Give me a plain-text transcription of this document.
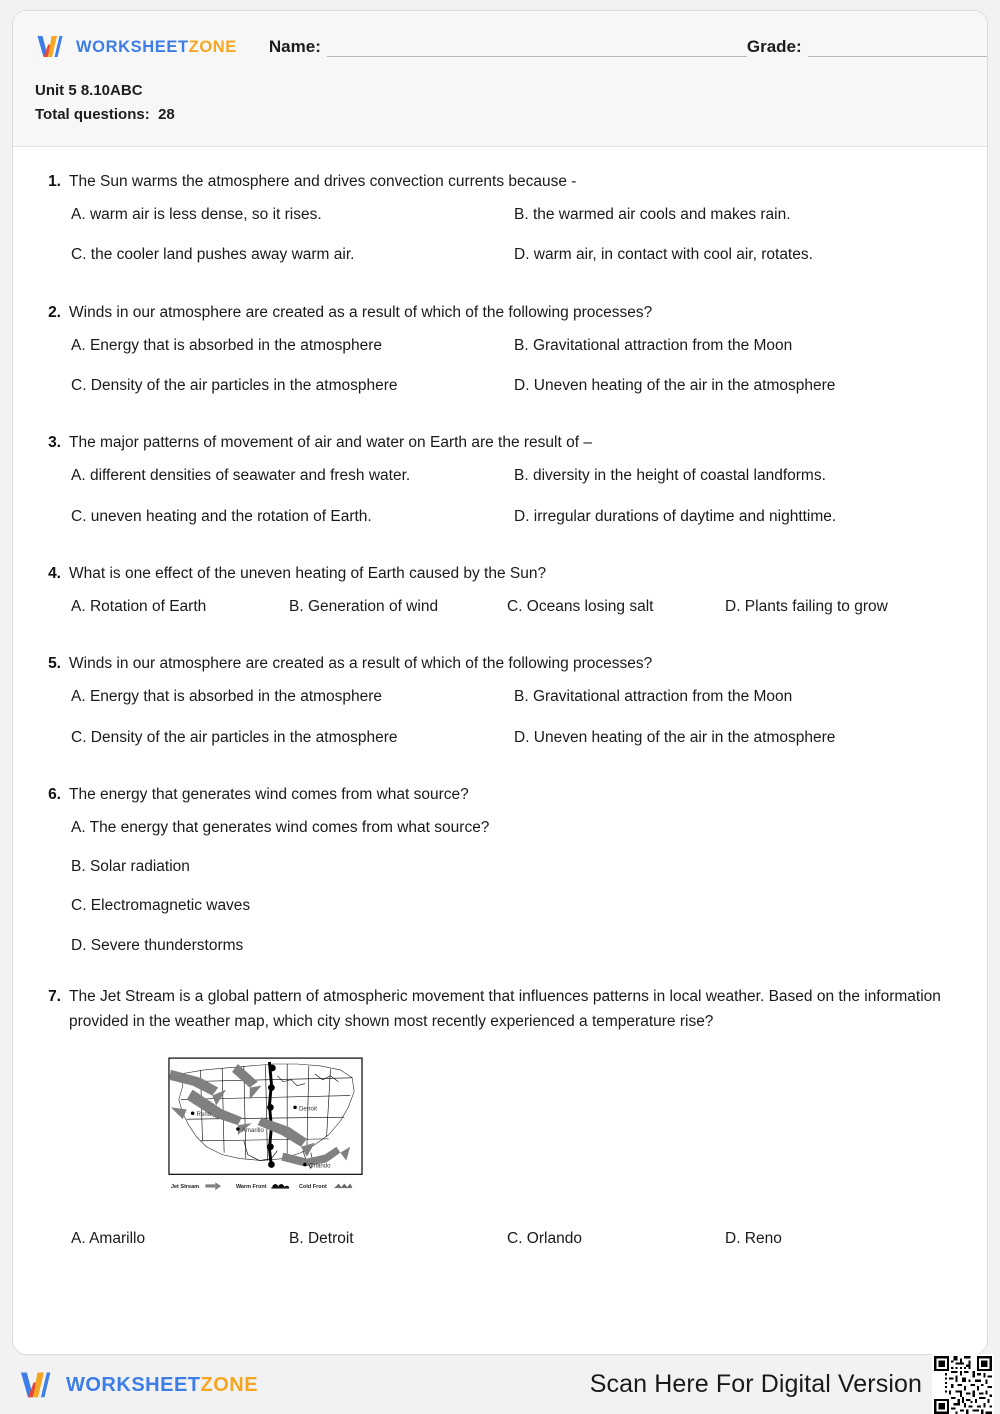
WORKSHEETZONE Name:	Grade:
Unit 5 8.10ABC
Total questions: 28
1. The Sun warms the atmosphere and drives convection currents because -
A. warm air is less dense, so it rises.	B. the warmed air cools and makes rain.
C. the cooler land pushes away warm air.	D. warm air, in contact with cool air, rotates.
2. Winds in our atmosphere are created as a result of which of the following processes?
A. Energy that is absorbed in the atmosphere	B. Gravitational attraction from the Moon
C. Density of the air particles in the atmosphere	D. Uneven heating of the air in the atmosphere
3. The major patterns of movement of air and water on Earth are the result of –
A. different densities of seawater and fresh water.	B. diversity in the height of coastal landforms.
C. uneven heating and the rotation of Earth.	D. irregular durations of daytime and nighttime.
4. What is one effect of the uneven heating of Earth caused by the Sun?
A. Rotation of Earth	B. Generation of wind	C. Oceans losing salt	D. Plants failing to grow
5. Winds in our atmosphere are created as a result of which of the following processes?
A. Energy that is absorbed in the atmosphere	B. Gravitational attraction from the Moon
C. Density of the air particles in the atmosphere	D. Uneven heating of the air in the atmosphere
6. The energy that generates wind comes from what source?
A. The energy that generates wind comes from what source?
B. Solar radiation
C. Electromagnetic waves
D. Severe thunderstorms
7. The Jet Stream is a global pattern of atmospheric movement that influences patterns in local weather. Based on the information provided in the weather map, which city shown most recently experienced a temperature rise?
Reno
Detroit
Amarillo
Orlando
Jet Stream	Warm Front	Cold Front
A. Amarillo	B. Detroit	C. Orlando	D. Reno
WORKSHEETZONE	Scan Here For Digital Version
